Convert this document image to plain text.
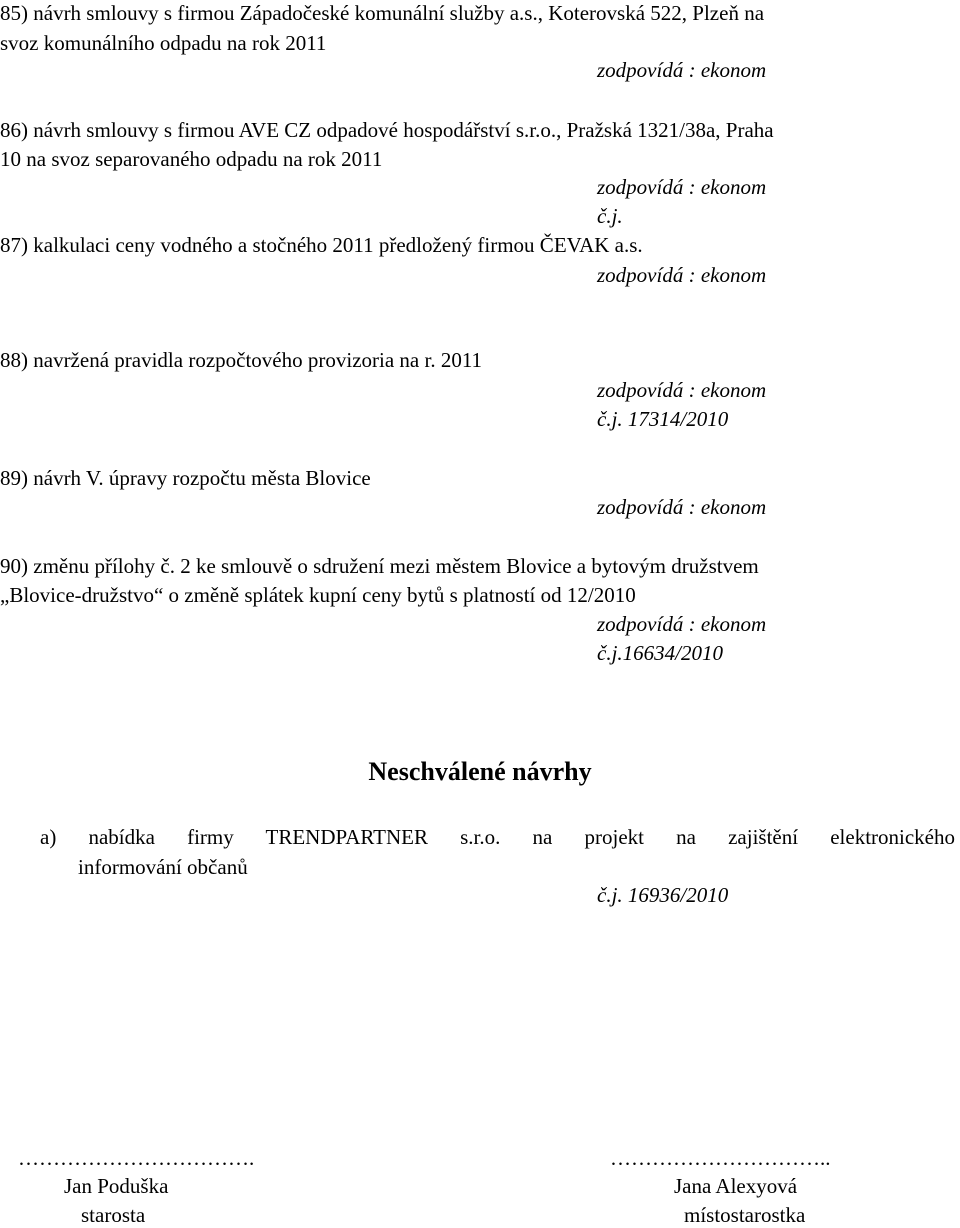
85) návrh smlouvy s firmou Západočeské komunální služby a.s., Koterovská 522, Plzeň na
svoz komunálního odpadu na rok 2011
zodpovídá : ekonom
86) návrh smlouvy s firmou AVE CZ odpadové hospodářství s.r.o., Pražská 1321/38a, Praha
10 na svoz separovaného odpadu na rok 2011
zodpovídá : ekonom
č.j.
87) kalkulaci ceny vodného a stočného 2011 předložený firmou ČEVAK a.s.
zodpovídá : ekonom
88) navržená pravidla rozpočtového provizoria na r. 2011
zodpovídá : ekonom
č.j. 17314/2010
89) návrh V. úpravy rozpočtu města Blovice
zodpovídá : ekonom
90) změnu přílohy č. 2 ke smlouvě o sdružení mezi městem Blovice a bytovým družstvem
„Blovice-družstvo“ o změně splátek kupní ceny bytů s platností od 12/2010
zodpovídá : ekonom
č.j.16634/2010
Neschválené návrhy
a) nabídka firmy TRENDPARTNER s.r.o. na projekt na zajištění elektronického
informování občanů
č.j. 16936/2010
…………………………….
Jan Poduška
starosta
…………………………..
Jana Alexyová
místostarostka
